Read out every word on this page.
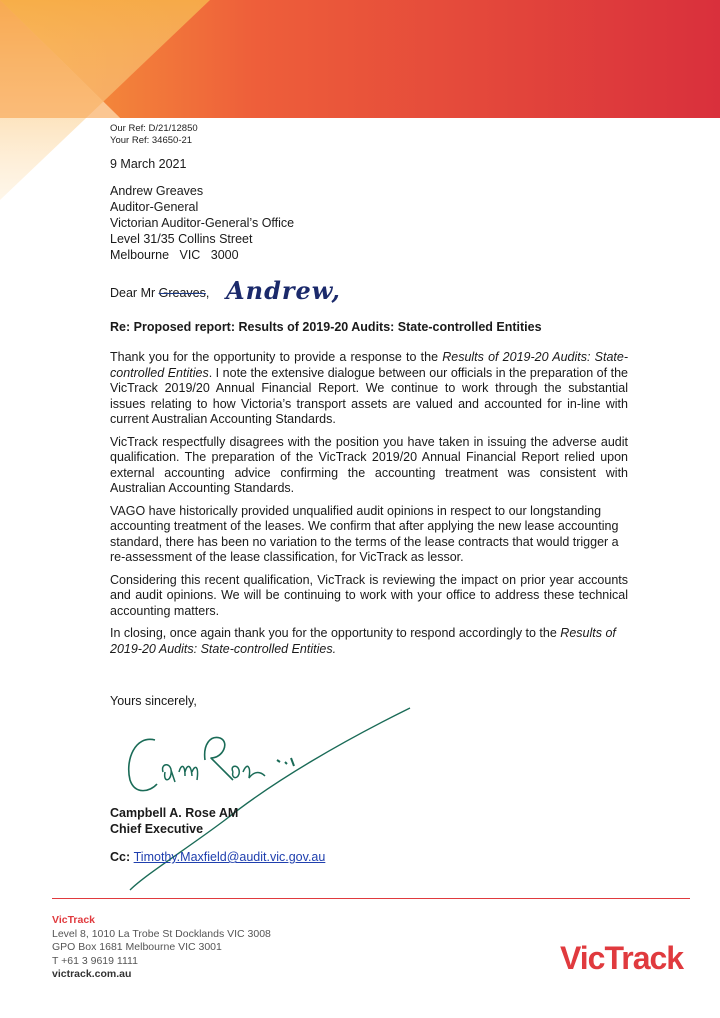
Our Ref: D/21/12850
Your Ref: 34650-21
9 March 2021
Andrew Greaves
Auditor-General
Victorian Auditor-General’s Office
Level 31/35 Collins Street
Melbourne   VIC   3000
Dear Mr Greaves, Andrew,
Re: Proposed report: Results of 2019-20 Audits: State-controlled Entities

Thank you for the opportunity to provide a response to the Results of 2019-20 Audits: State-controlled Entities. I note the extensive dialogue between our officials in the preparation of the VicTrack 2019/20 Annual Financial Report. We continue to work through the substantial issues relating to how Victoria’s transport assets are valued and accounted for in-line with current Australian Accounting Standards.

VicTrack respectfully disagrees with the position you have taken in issuing the adverse audit qualification. The preparation of the VicTrack 2019/20 Annual Financial Report relied upon external accounting advice confirming the accounting treatment was consistent with Australian Accounting Standards.

VAGO have historically provided unqualified audit opinions in respect to our longstanding accounting treatment of the leases. We confirm that after applying the new lease accounting standard, there has been no variation to the terms of the lease contracts that would trigger a re-assessment of the lease classification, for VicTrack as lessor.

Considering this recent qualification, VicTrack is reviewing the impact on prior year accounts and audit opinions. We will be continuing to work with your office to address these technical accounting matters.

In closing, once again thank you for the opportunity to respond accordingly to the Results of 2019-20 Audits: State-controlled Entities.

Yours sincerely,
Campbell A. Rose AM
Chief Executive
Cc: Timothy.Maxfield@audit.vic.gov.au
VicTrack
Level 8, 1010 La Trobe St Docklands VIC 3008
GPO Box 1681 Melbourne VIC 3001
T +61 3 9619 1111
victrack.com.au	VicTrack
